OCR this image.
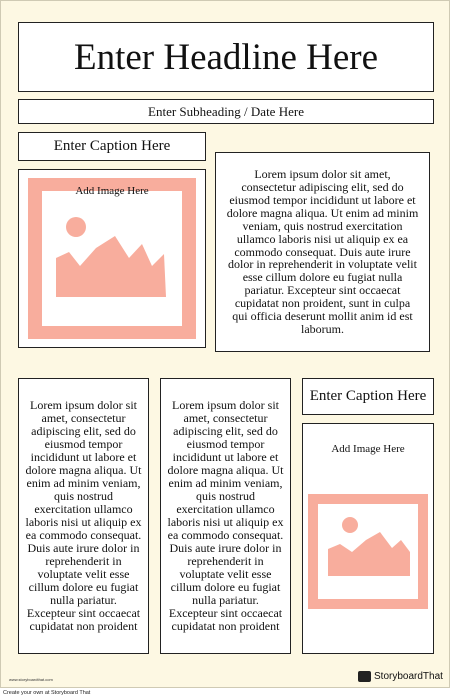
Enter Headline Here
Enter Subheading / Date Here
Enter Caption Here
Add Image Here
Lorem ipsum dolor sit amet, consectetur adipiscing elit, sed do eiusmod tempor incididunt ut labore et dolore magna aliqua. Ut enim ad minim veniam, quis nostrud exercitation ullamco laboris nisi ut aliquip ex ea commodo consequat. Duis aute irure dolor in reprehenderit in voluptate velit esse cillum dolore eu fugiat nulla pariatur. Excepteur sint occaecat cupidatat non proident, sunt in culpa qui officia deserunt mollit anim id est laborum.
Lorem ipsum dolor sit amet, consectetur adipiscing elit, sed do eiusmod tempor incididunt ut labore et dolore magna aliqua. Ut enim ad minim veniam, quis nostrud exercitation ullamco laboris nisi ut aliquip ex ea commodo consequat. Duis aute irure dolor in reprehenderit in voluptate velit esse cillum dolore eu fugiat nulla pariatur. Excepteur sint occaecat cupidatat non proident
Lorem ipsum dolor sit amet, consectetur adipiscing elit, sed do eiusmod tempor incididunt ut labore et dolore magna aliqua. Ut enim ad minim veniam, quis nostrud exercitation ullamco laboris nisi ut aliquip ex ea commodo consequat. Duis aute irure dolor in reprehenderit in voluptate velit esse cillum dolore eu fugiat nulla pariatur. Excepteur sint occaecat cupidatat non proident
Enter Caption Here
Add Image Here
www.storyboardthat.com	StoryboardThat
Create your own at Storyboard That
